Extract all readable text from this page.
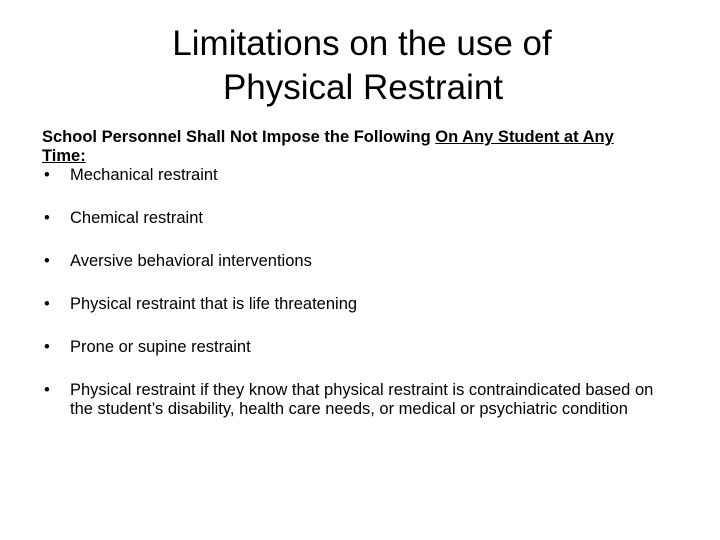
Limitations on the use of
Physical Restraint

School Personnel Shall Not Impose the Following On Any Student at Any Time:

• Mechanical restraint
• Chemical restraint
• Aversive behavioral interventions
• Physical restraint that is life threatening
• Prone or supine restraint
• Physical restraint if they know that physical restraint is contraindicated based on the student’s disability, health care needs, or medical or psychiatric condition
